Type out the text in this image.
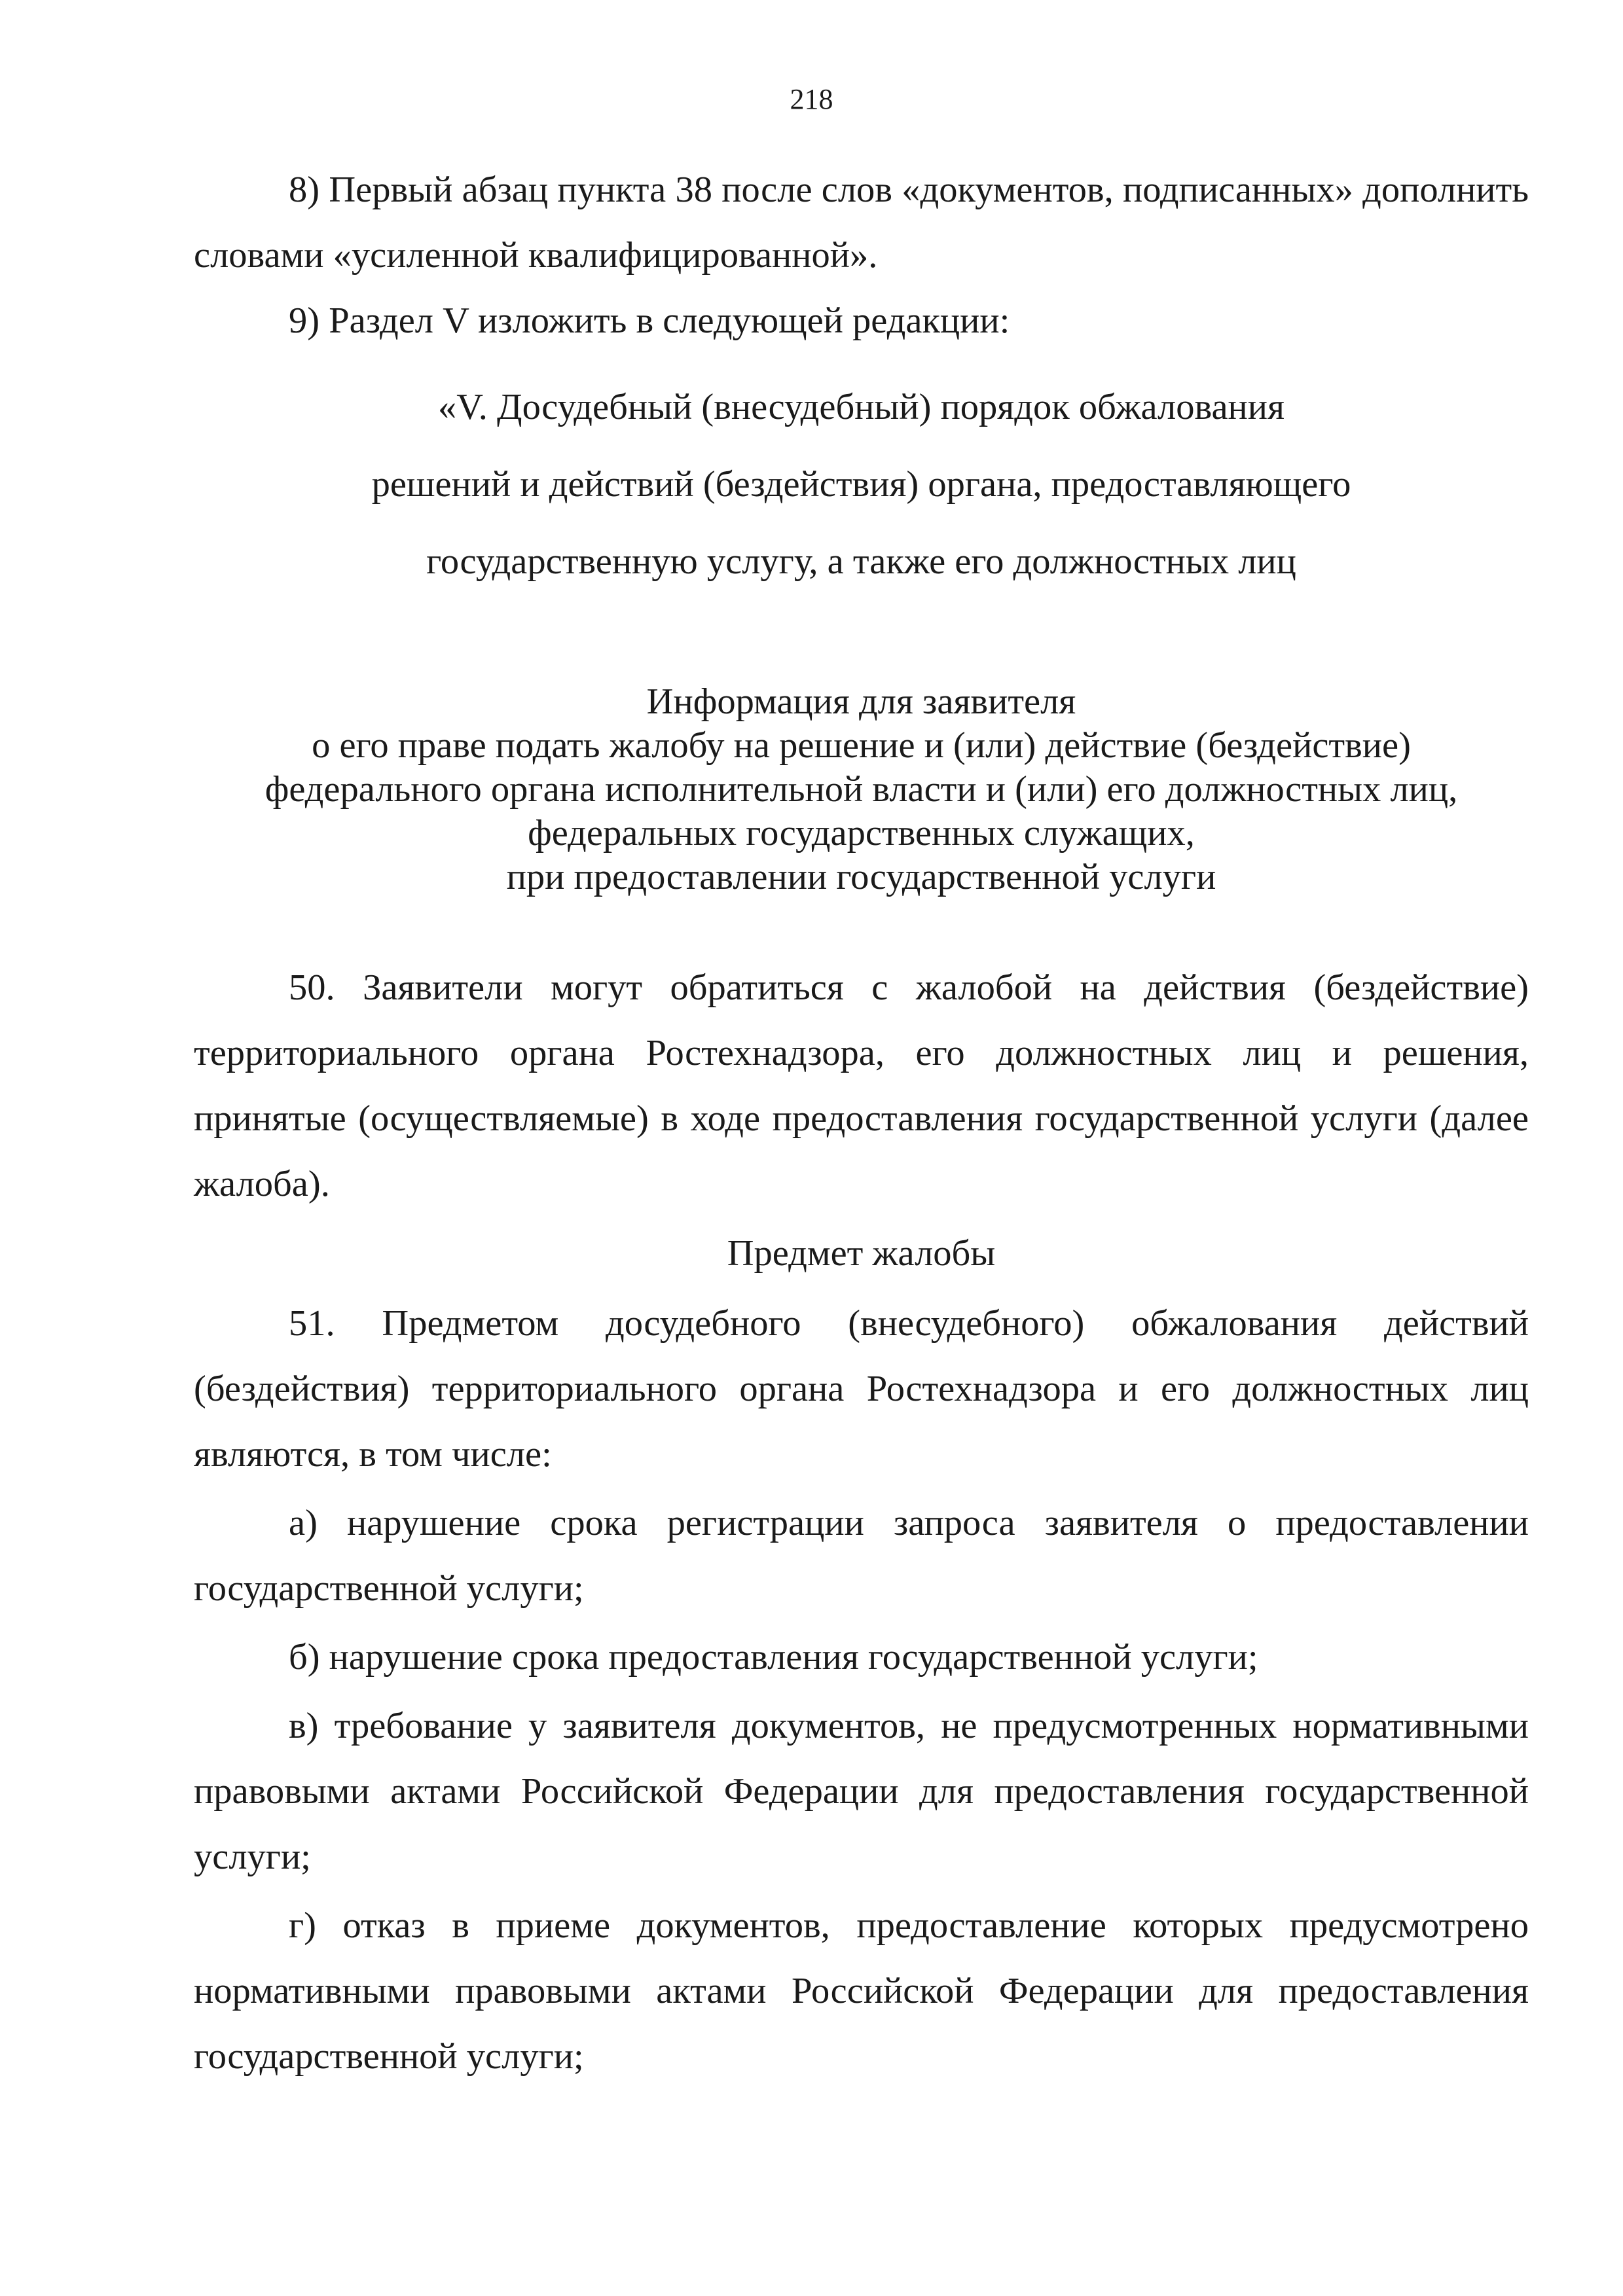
218

8) Первый абзац пункта 38 после слов «документов, подписанных» дополнить словами «усиленной квалифицированной».

9) Раздел V изложить в следующей редакции:

«V. Досудебный (внесудебный) порядок обжалования
решений и действий (бездействия) органа, предоставляющего
государственную услугу, а также его должностных лиц
Информация для заявителя
о его праве подать жалобу на решение и (или) действие (бездействие)
федерального органа исполнительной власти и (или) его должностных лиц,
федеральных государственных служащих,
при предоставлении государственной услуги

50. Заявители могут обратиться с жалобой на действия (бездействие) территориального органа Ростехнадзора, его должностных лиц и решения, принятые (осуществляемые) в ходе предоставления государственной услуги (далее жалоба).

Предмет жалобы

51. Предметом досудебного (внесудебного) обжалования действий (бездействия) территориального органа Ростехнадзора и его должностных лиц являются, в том числе:

а) нарушение срока регистрации запроса заявителя о предоставлении государственной услуги;

б) нарушение срока предоставления государственной услуги;

в) требование у заявителя документов, не предусмотренных нормативными правовыми актами Российской Федерации для предоставления государственной услуги;

г) отказ в приеме документов, предоставление которых предусмотрено нормативными правовыми актами Российской Федерации для предоставления государственной услуги;
